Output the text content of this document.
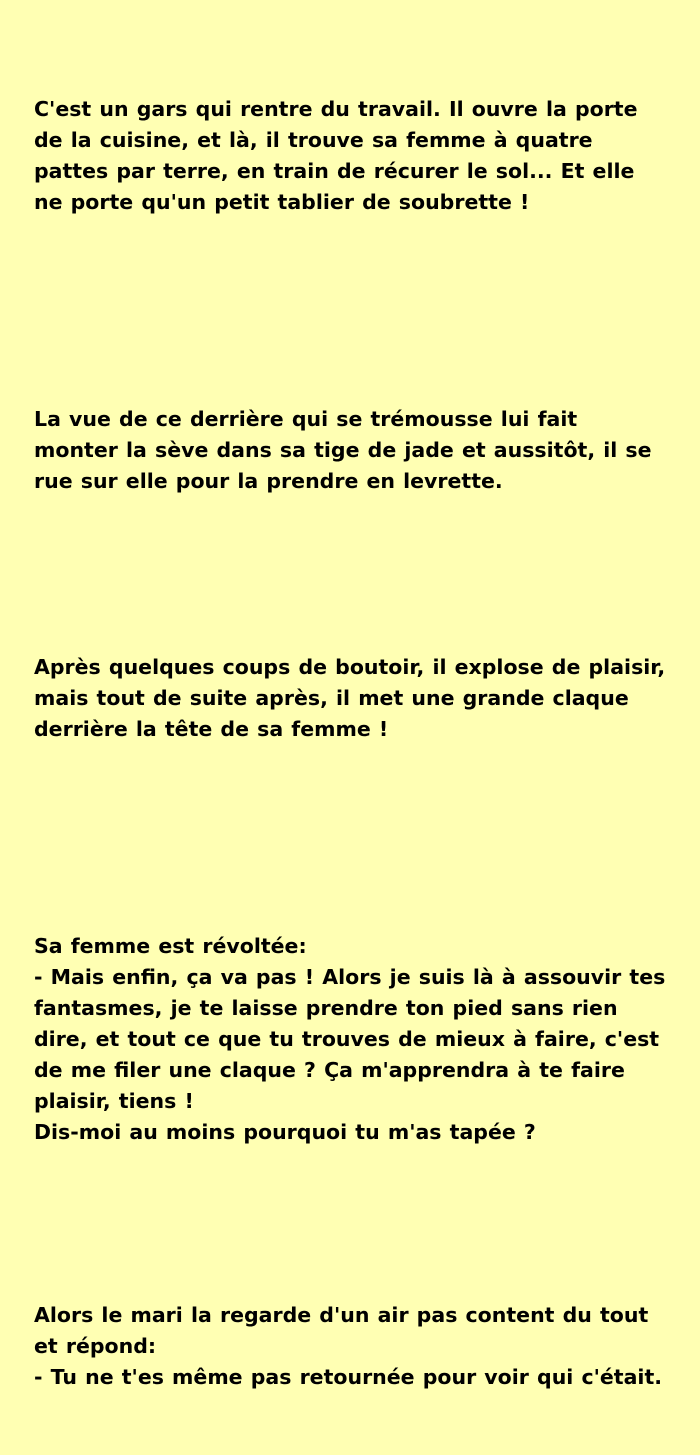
C'est un gars qui rentre du travail. Il ouvre la porte de la cuisine, et là, il trouve sa femme à quatre pattes par terre, en train de récurer le sol... Et elle ne porte qu'un petit tablier de soubrette !

La vue de ce derrière qui se trémousse lui fait monter la sève dans sa tige de jade et aussitôt, il se rue sur elle pour la prendre en levrette.

Après quelques coups de boutoir, il explose de plaisir, mais tout de suite après, il met une grande claque derrière la tête de sa femme !

Sa femme est révoltée:
- Mais enfin, ça va pas ! Alors je suis là à assouvir tes fantasmes, je te laisse prendre ton pied sans rien dire, et tout ce que tu trouves de mieux à faire, c'est de me filer une claque ? Ça m'apprendra à te faire plaisir, tiens !
Dis-moi au moins pourquoi tu m'as tapée ?

Alors le mari la regarde d'un air pas content du tout et répond:
- Tu ne t'es même pas retournée pour voir qui c'était.
